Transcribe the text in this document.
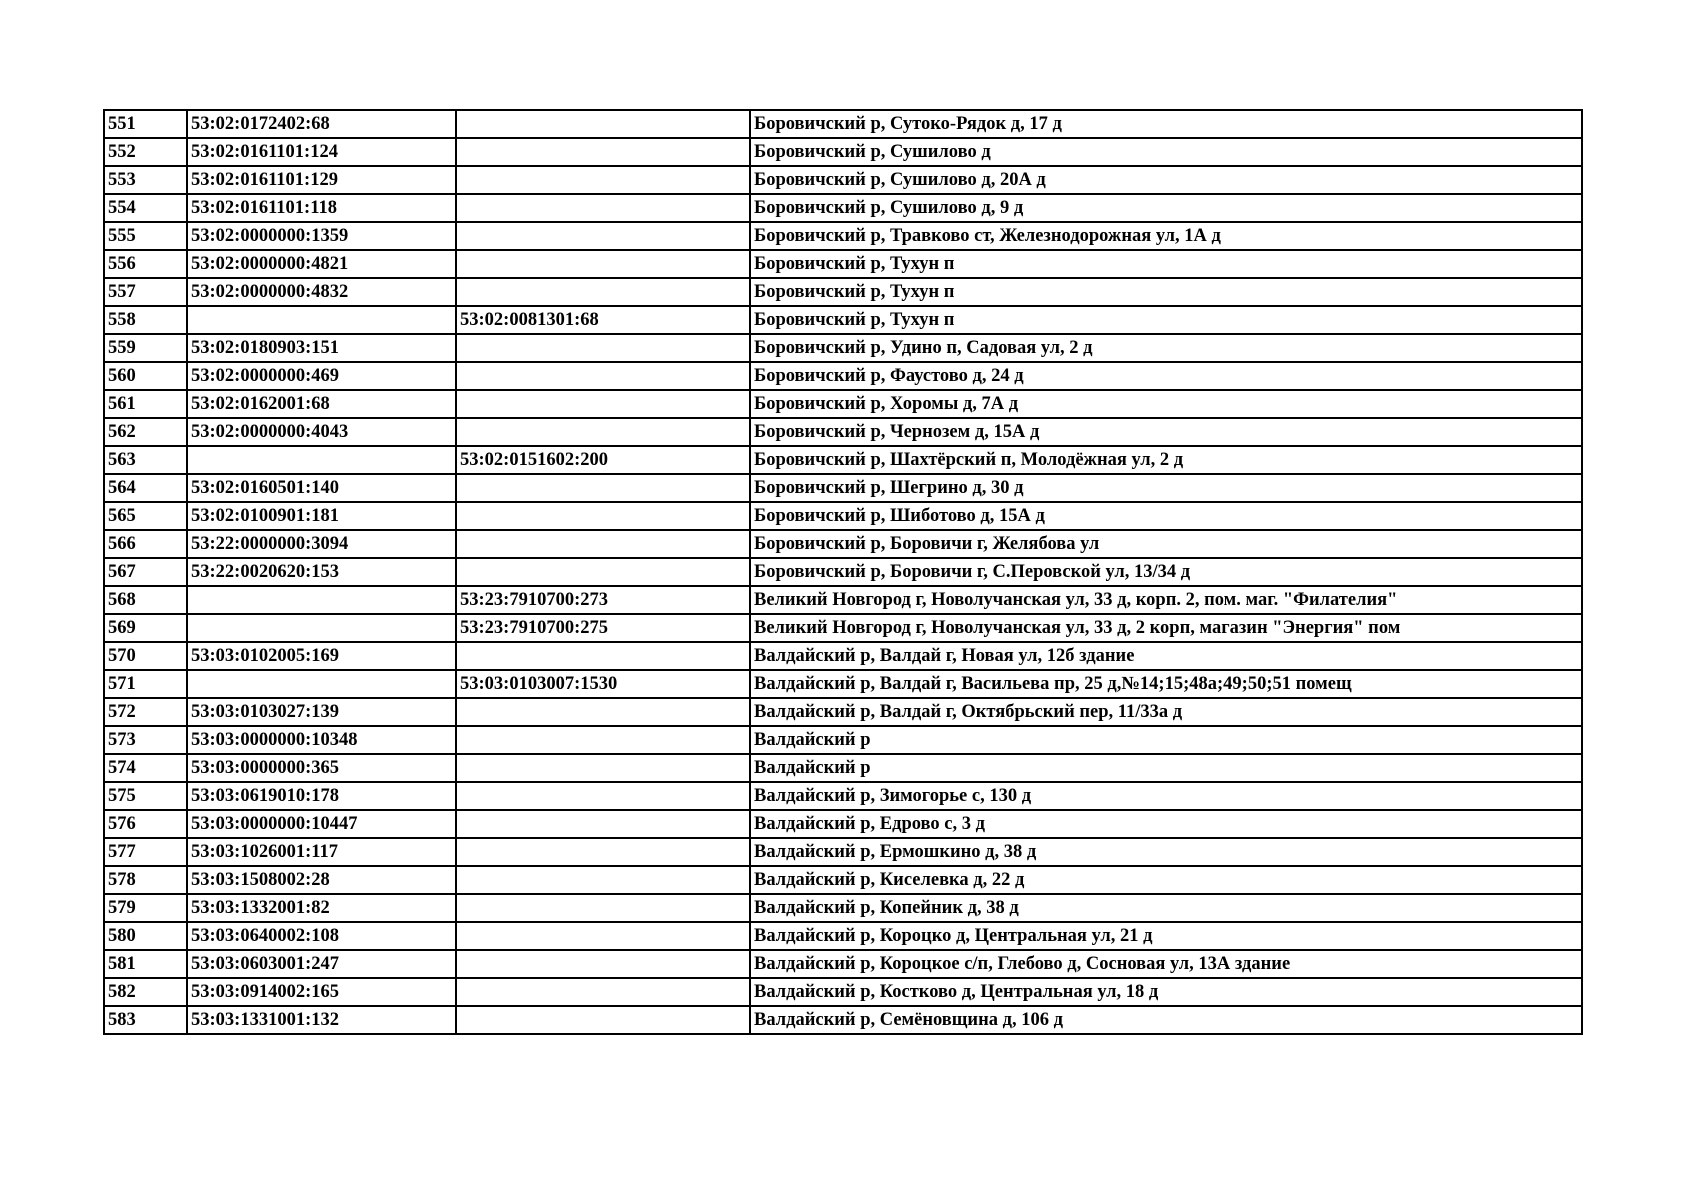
551	53:02:0172402:68		Боровичский р, Сутоко-Рядок д, 17 д
552	53:02:0161101:124		Боровичский р, Сушилово д
553	53:02:0161101:129		Боровичский р, Сушилово д, 20А д
554	53:02:0161101:118		Боровичский р, Сушилово д, 9 д
555	53:02:0000000:1359		Боровичский р, Травково ст, Железнодорожная ул, 1А д
556	53:02:0000000:4821		Боровичский р, Тухун п
557	53:02:0000000:4832		Боровичский р, Тухун п
558		53:02:0081301:68	Боровичский р, Тухун п
559	53:02:0180903:151		Боровичский р, Удино п, Садовая ул, 2 д
560	53:02:0000000:469		Боровичский р, Фаустово д, 24 д
561	53:02:0162001:68		Боровичский р, Хоромы д, 7А д
562	53:02:0000000:4043		Боровичский р, Чернозем д, 15А д
563		53:02:0151602:200	Боровичский р, Шахтёрский п, Молодёжная ул, 2 д
564	53:02:0160501:140		Боровичский р, Шегрино д, 30 д
565	53:02:0100901:181		Боровичский р, Шиботово д, 15А д
566	53:22:0000000:3094		Боровичский р, Боровичи г, Желябова ул
567	53:22:0020620:153		Боровичский р, Боровичи г, С.Перовской ул, 13/34 д
568		53:23:7910700:273	Великий Новгород г, Новолучанская ул, 33 д, корп. 2, пом. маг. "Филателия"
569		53:23:7910700:275	Великий Новгород г, Новолучанская ул, 33 д, 2 корп, магазин "Энергия" пом
570	53:03:0102005:169		Валдайский р, Валдай г, Новая ул, 12б здание
571		53:03:0103007:1530	Валдайский р, Валдай г, Васильева пр, 25 д,№14;15;48а;49;50;51 помещ
572	53:03:0103027:139		Валдайский р, Валдай г, Октябрьский пер, 11/33а д
573	53:03:0000000:10348		Валдайский р
574	53:03:0000000:365		Валдайский р
575	53:03:0619010:178		Валдайский р, Зимогорье с, 130 д
576	53:03:0000000:10447		Валдайский р, Едрово с, 3 д
577	53:03:1026001:117		Валдайский р, Ермошкино д, 38 д
578	53:03:1508002:28		Валдайский р, Киселевка д, 22 д
579	53:03:1332001:82		Валдайский р, Копейник д, 38 д
580	53:03:0640002:108		Валдайский р, Короцко д, Центральная ул, 21 д
581	53:03:0603001:247		Валдайский р, Короцкое с/п, Глебово д, Сосновая ул, 13А здание
582	53:03:0914002:165		Валдайский р, Костково д, Центральная ул, 18 д
583	53:03:1331001:132		Валдайский р, Семёновщина д, 106 д
